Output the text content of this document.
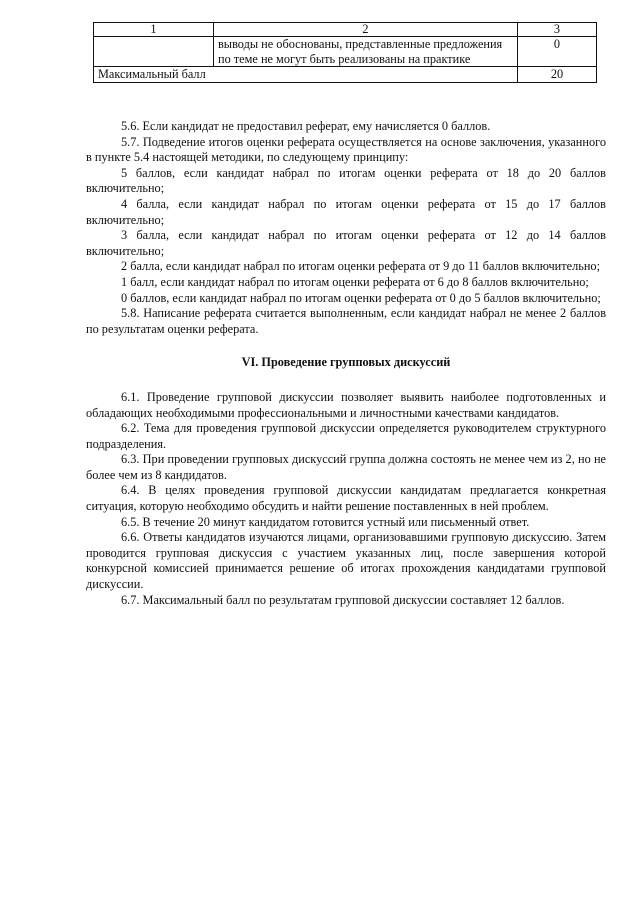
1	2	3
	выводы не обоснованы, представленные предложения по теме не могут быть реализованы на практике	0
Максимальный балл		20

5.6. Если кандидат не предоставил реферат, ему начисляется 0 баллов.

5.7. Подведение итогов оценки реферата осуществляется на основе заключения, указанного в пункте 5.4 настоящей методики, по следующему принципу:

5 баллов, если кандидат набрал по итогам оценки реферата от 18 до 20 баллов включительно;

4 балла, если кандидат набрал по итогам оценки реферата от 15 до 17 баллов включительно;

3 балла, если кандидат набрал по итогам оценки реферата от 12 до 14 баллов включительно;

2 балла, если кандидат набрал по итогам оценки реферата от 9 до 11 баллов включительно;

1 балл, если кандидат набрал по итогам оценки реферата от 6 до 8 баллов включительно;

0 баллов, если кандидат набрал по итогам оценки реферата от 0 до 5 баллов включительно;

5.8. Написание реферата считается выполненным, если кандидат набрал не менее 2 баллов по результатам оценки реферата.

VI. Проведение групповых дискуссий

6.1. Проведение групповой дискуссии позволяет выявить наиболее подготовленных и обладающих необходимыми профессиональными и личностными качествами кандидатов.

6.2. Тема для проведения групповой дискуссии определяется руководителем структурного подразделения.

6.3. При проведении групповых дискуссий группа должна состоять не менее чем из 2, но не более чем из 8 кандидатов.

6.4. В целях проведения групповой дискуссии кандидатам предлагается конкретная ситуация, которую необходимо обсудить и найти решение поставленных в ней проблем.

6.5. В течение 20 минут кандидатом готовится устный или письменный ответ.

6.6. Ответы кандидатов изучаются лицами, организовавшими групповую дискуссию. Затем проводится групповая дискуссия с участием указанных лиц, после завершения которой конкурсной комиссией принимается решение об итогах прохождения кандидатами групповой дискуссии.

6.7. Максимальный балл по результатам групповой дискуссии составляет 12 баллов.
